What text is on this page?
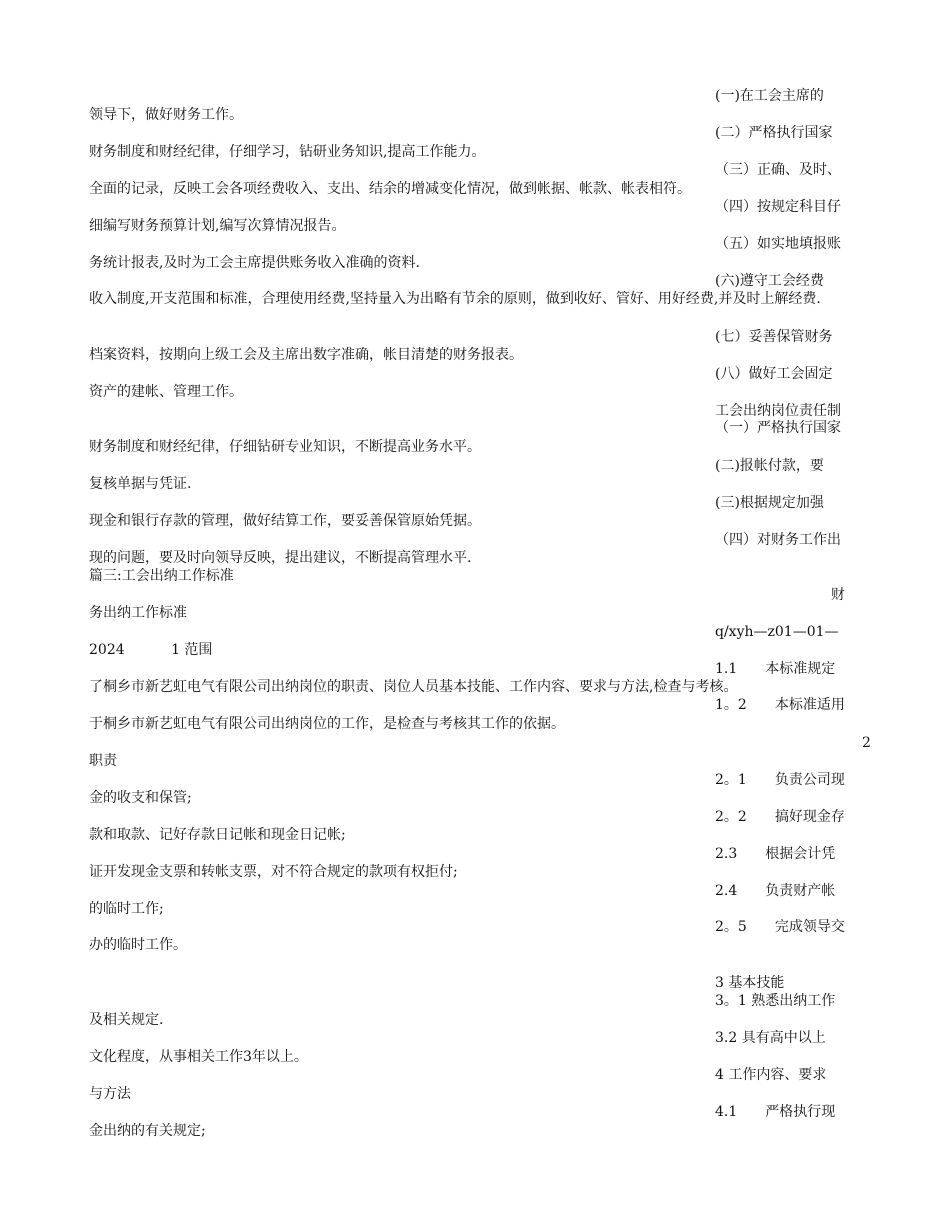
领导下，做好财务工作。
财务制度和财经纪律，仔细学习，钻研业务知识,提高工作能力。
全面的记录，反映工会各项经费收入、支出、结余的增减变化情况，做到帐据、帐款、帐表相符。
细编写财务预算计划,编写次算情况报告。
务统计报表,及时为工会主席提供账务收入准确的资料.
收入制度,开支范围和标准，合理使用经费,坚持量入为出略有节余的原则，做到收好、管好、用好经费,并及时上解经费.
档案资料，按期向上级工会及主席出数字准确，帐目清楚的财务报表。
资产的建帐、管理工作。
财务制度和财经纪律，仔细钻研专业知识，不断提高业务水平。
复核单据与凭证.
现金和银行存款的管理，做好结算工作，要妥善保管原始凭据。
现的问题，要及时向领导反映，提出建议，不断提高管理水平.
篇三:工会出纳工作标准
务出纳工作标准
2024　　　 1 范围
了桐乡市新艺虹电气有限公司出纳岗位的职责、岗位人员基本技能、工作内容、要求与方法,检查与考核。
于桐乡市新艺虹电气有限公司出纳岗位的工作，是检查与考核其工作的依据。
职责
金的收支和保管;
款和取款、记好存款日记帐和现金日记帐;
证开发现金支票和转帐支票，对不符合规定的款项有权拒付;
的临时工作;
办的临时工作。
及相关规定.
文化程度，从事相关工作3年以上。
与方法
金出纳的有关规定;
(一)在工会主席的
(二）严格执行国家
（三）正确、及时、
（四）按规定科目仔
（五）如实地填报账
(六)遵守工会经费
(七）妥善保管财务
(八）做好工会固定
工会出纳岗位责任制
（一）严格执行国家
(二)报帐付款，要
(三)根据规定加强
（四）对财务工作出
财
q/xyh—z01—01—
1.1　　本标准规定
1。2　　本标准适用
2
2。1　　负责公司现
2。2　　搞好现金存
2.3　　根据会计凭
2.4　　负责财产帐
2。5　　完成领导交
3 基本技能
3。1 熟悉出纳工作
3.2 具有高中以上
4 工作内容、要求
4.1　　严格执行现
